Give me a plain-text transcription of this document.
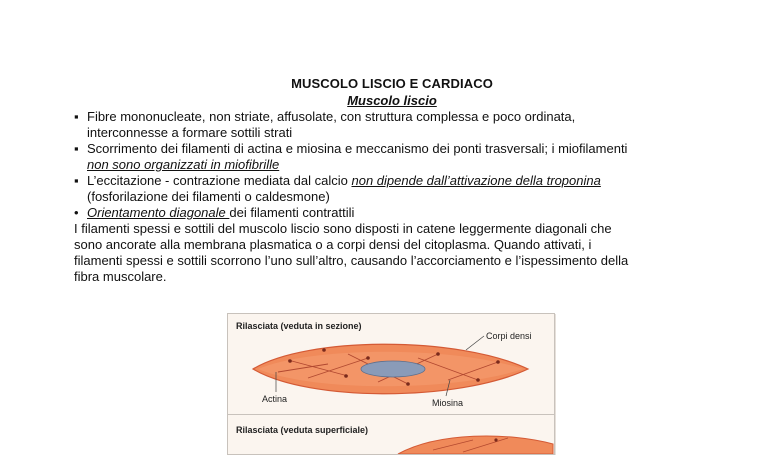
MUSCOLO LISCIO E CARDIACO
Muscolo liscio
▪ Fibre mononucleate, non striate, affusolate, con struttura complessa e poco ordinata,
interconnesse a formare sottili strati
▪ Scorrimento dei filamenti di actina e miosina e meccanismo dei ponti trasversali; i miofilamenti
non sono organizzati in miofibrille
▪ L’eccitazione - contrazione mediata dal calcio non dipende dall’attivazione della troponina
(fosforilazione dei filamenti o caldesmone)
• Orientamento diagonale dei filamenti contrattili
I filamenti spessi e sottili del muscolo liscio sono disposti in catene leggermente diagonali che
sono ancorate alla membrana plasmatica o a corpi densi del citoplasma. Quando attivati, i
filamenti spessi e sottili scorrono l’uno sull’altro, causando l’accorciamento e l’ispessimento della
fibra muscolare.
Rilasciata (veduta in sezione)
Corpi densi
Actina	Miosina
Rilasciata (veduta superficiale)
